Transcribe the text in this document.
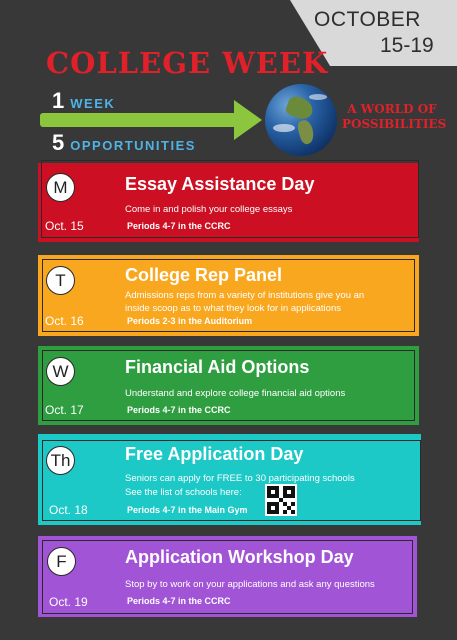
OCTOBER
15-19
COLLEGE WEEK
1 WEEK
5 OPPORTUNITIES
A WORLD OF POSSIBILITIES
M	Essay Assistance Day
Come in and polish your college essays
Oct. 15	Periods 4-7 in the CCRC
T	College Rep Panel
Admissions reps from a variety of institutions give you an inside scoop as to what they look for in applications
Oct. 16	Periods 2-3 in the Auditorium
W	Financial Aid Options
Understand and explore college financial aid options
Oct. 17	Periods 4-7 in the CCRC
Th	Free Application Day
Seniors can apply for FREE to 30 participating schools
See the list of schools here:
Oct. 18	Periods 4-7 in the Main Gym
F	Application Workshop Day
Stop by to work on your applications and ask any questions
Oct. 19	Periods 4-7 in the CCRC
